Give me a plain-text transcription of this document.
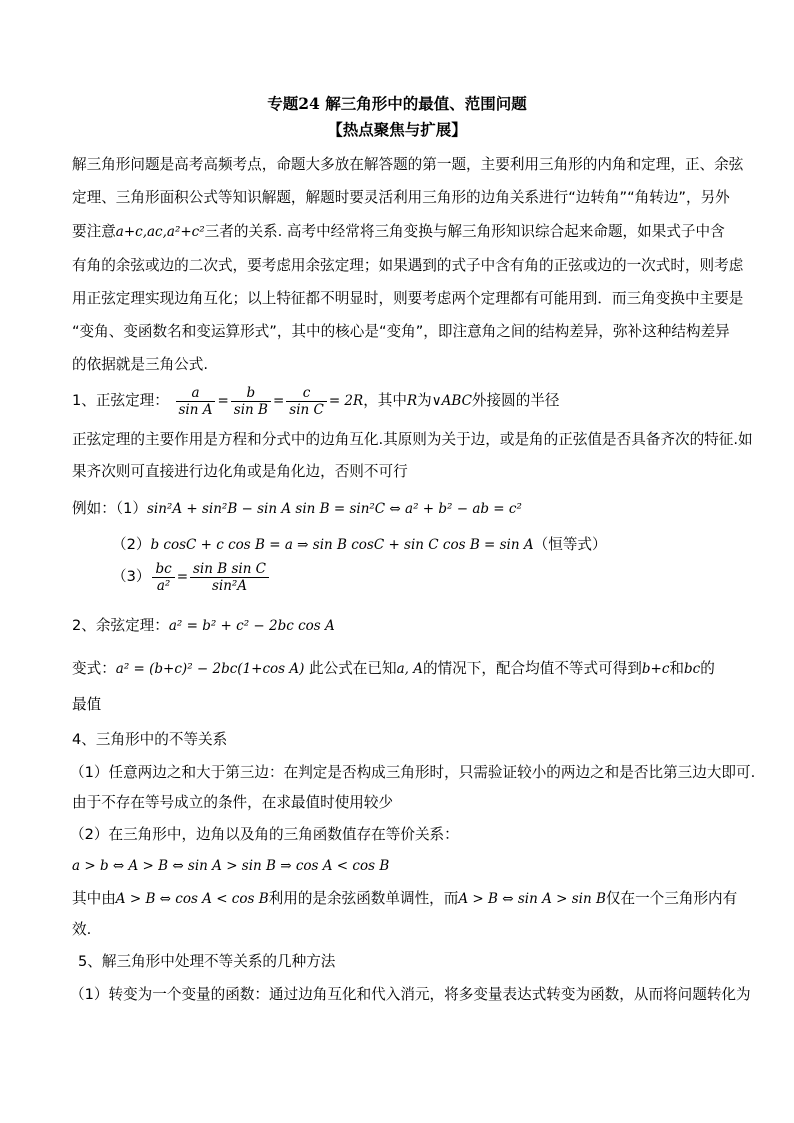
专题24 解三角形中的最值、范围问题
【热点聚焦与扩展】
解三角形问题是高考高频考点，命题大多放在解答题的第一题，主要利用三角形的内角和定理，正、余弦
定理、三角形面积公式等知识解题，解题时要灵活利用三角形的边角关系进行“边转角”“角转边”，另外
要注意a+c,ac,a²+c²三者的关系. 高考中经常将三角变换与解三角形知识综合起来命题，如果式子中含
有角的余弦或边的二次式，要考虑用余弦定理；如果遇到的式子中含有角的正弦或边的一次式时，则考虑
用正弦定理实现边角互化；以上特征都不明显时，则要考虑两个定理都有可能用到．而三角变换中主要是
“变角、变函数名和变运算形式”，其中的核心是“变角”，即注意角之间的结构差异，弥补这种结构差异
的依据就是三角公式.
1、正弦定理： $\frac{a}{\text{sin A}} = \frac{b}{\text{sin B}} = \frac{c}{\text{sin C}} = 2R$，其中R为∨ABC外接圆的半径
正弦定理的主要作用是方程和分式中的边角互化.其原则为关于边，或是角的正弦值是否具备齐次的特征.如
果齐次则可直接进行边化角或是角化边，否则不可行
例如：（1）sin²A + sin²B − sin A sin B = sin²C ⇔ a² + b² − ab = c²
（2）b cosC + c cos B = a ⇒ sin B cosC + sin C cos B = sin A（恒等式）
$(3) \frac{bc}{\text{a²}} = \frac{\text{sin B sin C}}{\text{sin²A}}$
2、余弦定理：a² = b² + c² − 2bc cos A
变式：a² = (b+c)² − 2bc(1+cos A) 此公式在已知a, A的情况下，配合均值不等式可得到b+c和bc的
最值
4、三角形中的不等关系
（1）任意两边之和大于第三边：在判定是否构成三角形时，只需验证较小的两边之和是否比第三边大即可.
由于不存在等号成立的条件，在求最值时使用较少
（2）在三角形中，边角以及角的三角函数值存在等价关系：
a > b ⇔ A > B ⇔ sin A > sin B ⇒ cos A < cos B
其中由A > B ⇔ cos A < cos B利用的是余弦函数单调性，而A > B ⇔ sin A > sin B仅在一个三角形内有
效.
5、解三角形中处理不等关系的几种方法
（1）转变为一个变量的函数：通过边角互化和代入消元，将多变量表达式转变为函数，从而将问题转化为
